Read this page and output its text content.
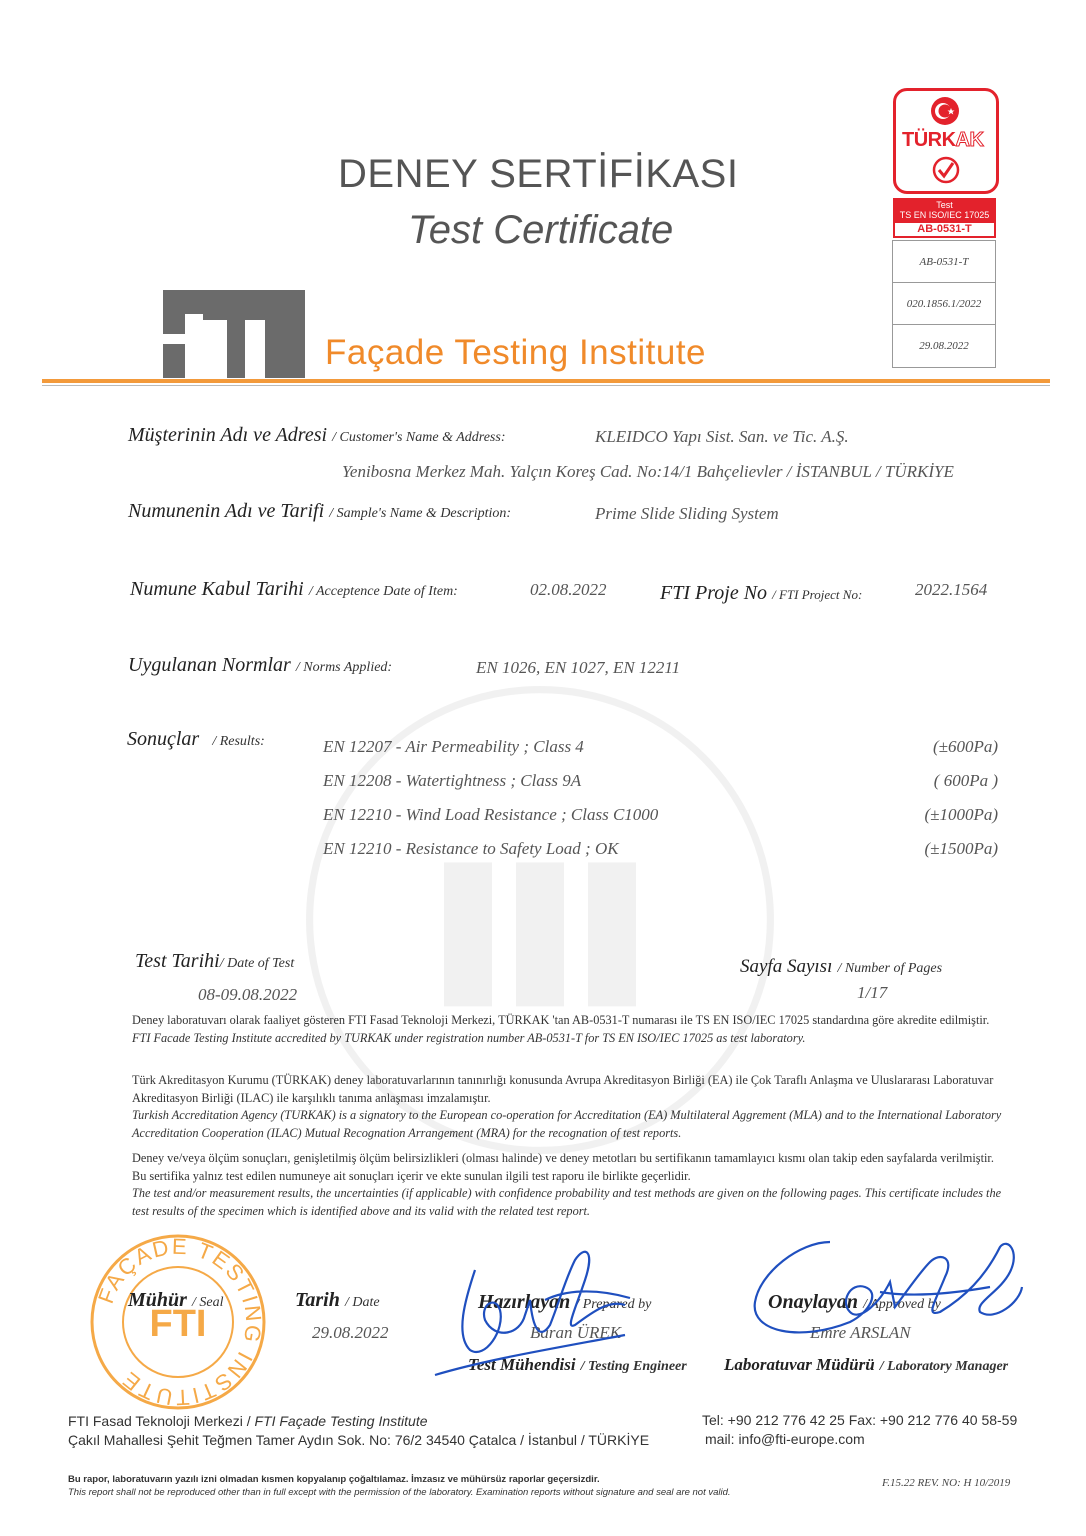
DENEY SERTİFİKASI
Test Certificate
Façade Testing Institute
TÜRKAK
Test
TS EN ISO/IEC 17025
AB-0531-T
AB-0531-T
020.1856.1/2022
29.08.2022
Müşterinin Adı ve Adresi / Customer's Name & Address:	KLEIDCO Yapı Sist. San. ve Tic. A.Ş.
Yenibosna Merkez Mah. Yalçın Koreş Cad. No:14/1 Bahçelievler / İSTANBUL / TÜRKİYE
Numunenin Adı ve Tarifi / Sample's Name & Description:	Prime Slide Sliding System
Numune Kabul Tarihi / Acceptence Date of Item:	02.08.2022	FTI Proje No / FTI Project No:	2022.1564
Uygulanan Normlar / Norms Applied:	EN 1026, EN 1027, EN 12211
Sonuçlar / Results:	EN 12207 - Air Permeability ; Class 4	(±600Pa)
EN 12208 - Watertightness ; Class 9A	( 600Pa )
EN 12210 - Wind Load Resistance ; Class C1000	(±1000Pa)
EN 12210 - Resistance to Safety Load ; OK	(±1500Pa)
Test Tarihi/ Date of Test
08-09.08.2022
Sayfa Sayısı / Number of Pages
1/17
Deney laboratuvarı olarak faaliyet gösteren FTI Fasad Teknoloji Merkezi, TÜRKAK 'tan AB-0531-T numarası ile TS EN ISO/IEC 17025 standardına göre akredite edilmiştir.
FTI Facade Testing Institute accredited by TURKAK under registration number AB-0531-T for TS EN ISO/IEC 17025 as test laboratory.
Türk Akreditasyon Kurumu (TÜRKAK) deney laboratuvarlarının tanınırlığı konusunda Avrupa Akreditasyon Birliği (EA) ile Çok Taraflı Anlaşma ve Uluslararası Laboratuvar Akreditasyon Birliği (ILAC) ile karşılıklı tanıma anlaşması imzalamıştır.
Turkish Accreditation Agency (TURKAK) is a signatory to the European co-operation for Accreditation (EA) Multilateral Aggrement (MLA) and to the International Laboratory Accreditation Cooperation (ILAC) Mutual Recognation Arrangement (MRA) for the recognation of test reports.
Deney ve/veya ölçüm sonuçları, genişletilmiş ölçüm belirsizlikleri (olması halinde) ve deney metotları bu sertifikanın tamamlayıcı kısmı olan takip eden sayfalarda verilmiştir. Bu sertifika yalnız test edilen numuneye ait sonuçları içerir ve ekte sunulan ilgili test raporu ile birlikte geçerlidir.
The test and/or measurement results, the uncertainties (if applicable) with confidence probability and test methods are given on the following pages. This certificate includes the test results of the specimen which is identified above and its valid with the related test report.
FAÇADE TESTING INSTITUTE
FTI
Mühür / Seal	Tarih / Date
29.08.2022
Hazırlayan / Prepared by
Baran ÜREK
Test Mühendisi / Testing Engineer
Onaylayan / Approved by
Emre ARSLAN
Laboratuvar Müdürü / Laboratory Manager
FTI Fasad Teknoloji Merkezi / FTI Façade Testing Institute
Çakıl Mahallesi Şehit Teğmen Tamer Aydın Sok. No: 76/2 34540 Çatalca / İstanbul / TÜRKİYE
Tel: +90 212 776 42 25 Fax: +90 212 776 40 58-59
mail: info@fti-europe.com
Bu rapor, laboratuvarın yazılı izni olmadan kısmen kopyalanıp çoğaltılamaz. İmzasız ve mühürsüz raporlar geçersizdir.
This report shall not be reproduced other than in full except with the permission of the laboratory. Examination reports without signature and seal are not valid.
F.15.22 REV. NO: H 10/2019
